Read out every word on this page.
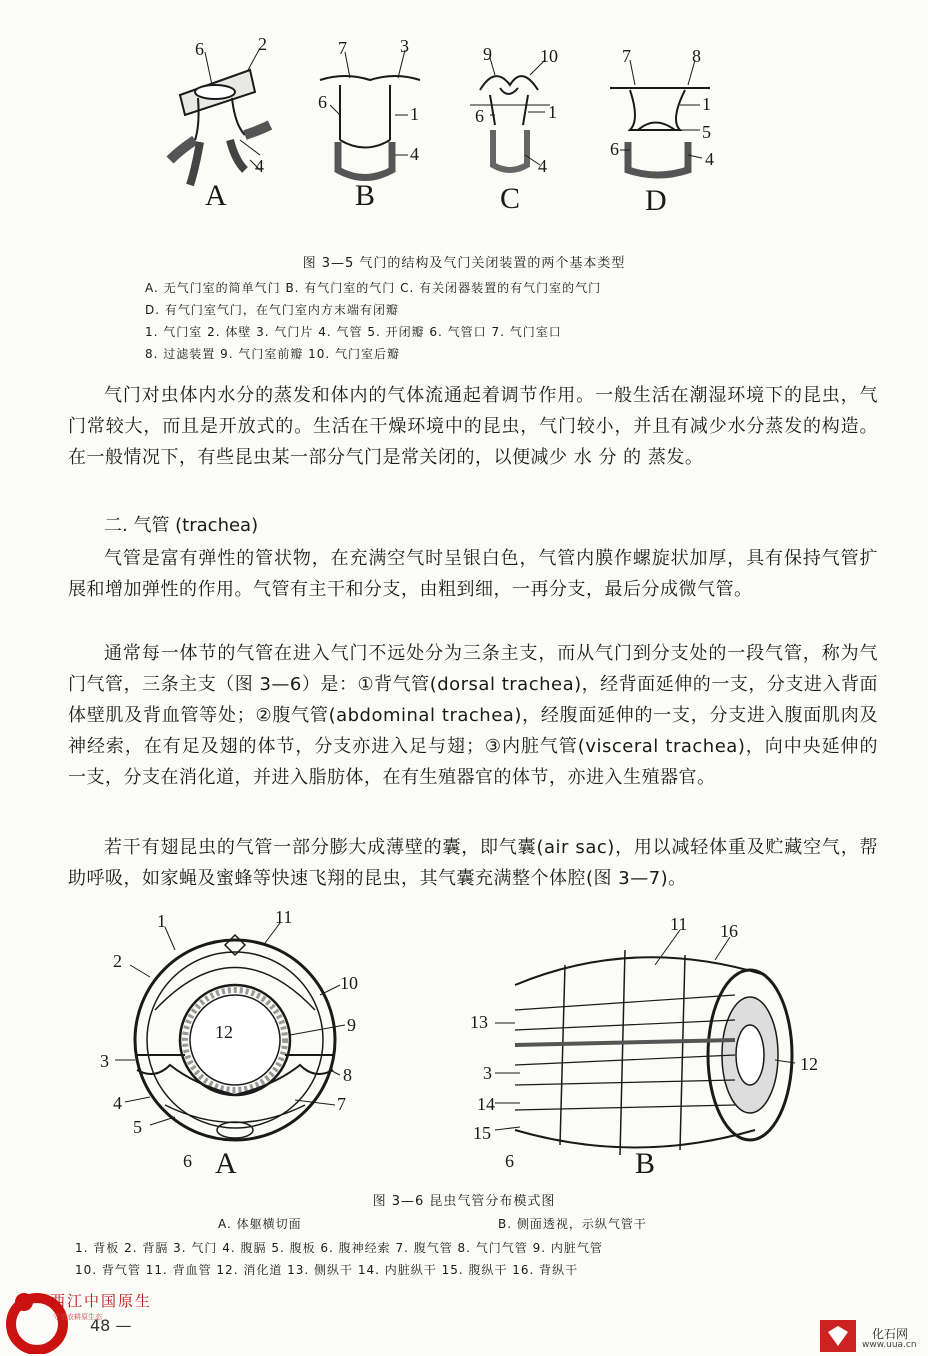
6	2
4
7	3
6
1
4
9	10
6	1
4
7	8
1
5
6	4
A	B	C	D
图 3—5 气门的结构及气门关闭装置的两个基本类型
A. 无气门室的简单气门 B. 有气门室的气门 C. 有关闭器装置的有气门室的气门
D. 有气门室气门，在气门室内方末端有闭瓣
1. 气门室 2. 体壁 3. 气门片 4. 气管 5. 开闭瓣 6. 气管口 7. 气门室口
8. 过滤装置 9. 气门室前瓣 10. 气门室后瓣
气门对虫体内水分的蒸发和体内的气体流通起着调节作用。一般生活在潮湿环境下的昆虫，气门常较大，而且是开放式的。生活在干燥环境中的昆虫，气门较小，并且有减少水分蒸发的构造。在一般情况下，有些昆虫某一部分气门是常关闭的，以便减少 水 分 的 蒸发。
二. 气管 (trachea)
气管是富有弹性的管状物，在充满空气时呈银白色，气管内膜作螺旋状加厚，具有保持气管扩展和增加弹性的作用。气管有主干和分支，由粗到细，一再分支，最后分成微气管。
通常每一体节的气管在进入气门不远处分为三条主支，而从气门到分支处的一段气管，称为气门气管，三条主支（图 3—6）是：①背气管(dorsal trachea)，经背面延伸的一支，分支进入背面体壁肌及背血管等处；②腹气管(abdominal trachea)，经腹面延伸的一支，分支进入腹面肌肉及神经索，在有足及翅的体节，分支亦进入足与翅；③内脏气管(visceral trachea)，向中央延伸的一支，分支在消化道，并进入脂肪体，在有生殖器官的体节，亦进入生殖器官。
若干有翅昆虫的气管一部分膨大成薄壁的囊，即气囊(air sac)，用以减轻体重及贮藏空气，帮助呼吸，如家蝇及蜜蜂等快速飞翔的昆虫，其气囊充满整个体腔(图 3—7)。
1	11
2
10
12	9
3
8
4	7
5
6
11 16
13
3	12
14
15
6
A	B
图 3—6 昆虫气管分布模式图
A. 体躯横切面	B. 侧面透视，示纵气管干
1. 背板 2. 背膈 3. 气门 4. 腹膈 5. 腹板 6. 腹神经索 7. 腹气管 8. 气门气管 9. 内脏气管
10. 背气管 11. 背血管 12. 消化道 13. 侧纵干 14. 内脏纵干 15. 腹纵干 16. 背纵干
西江中国原生
守望农耕原生态
48 —	化石网
www.uua.cn
